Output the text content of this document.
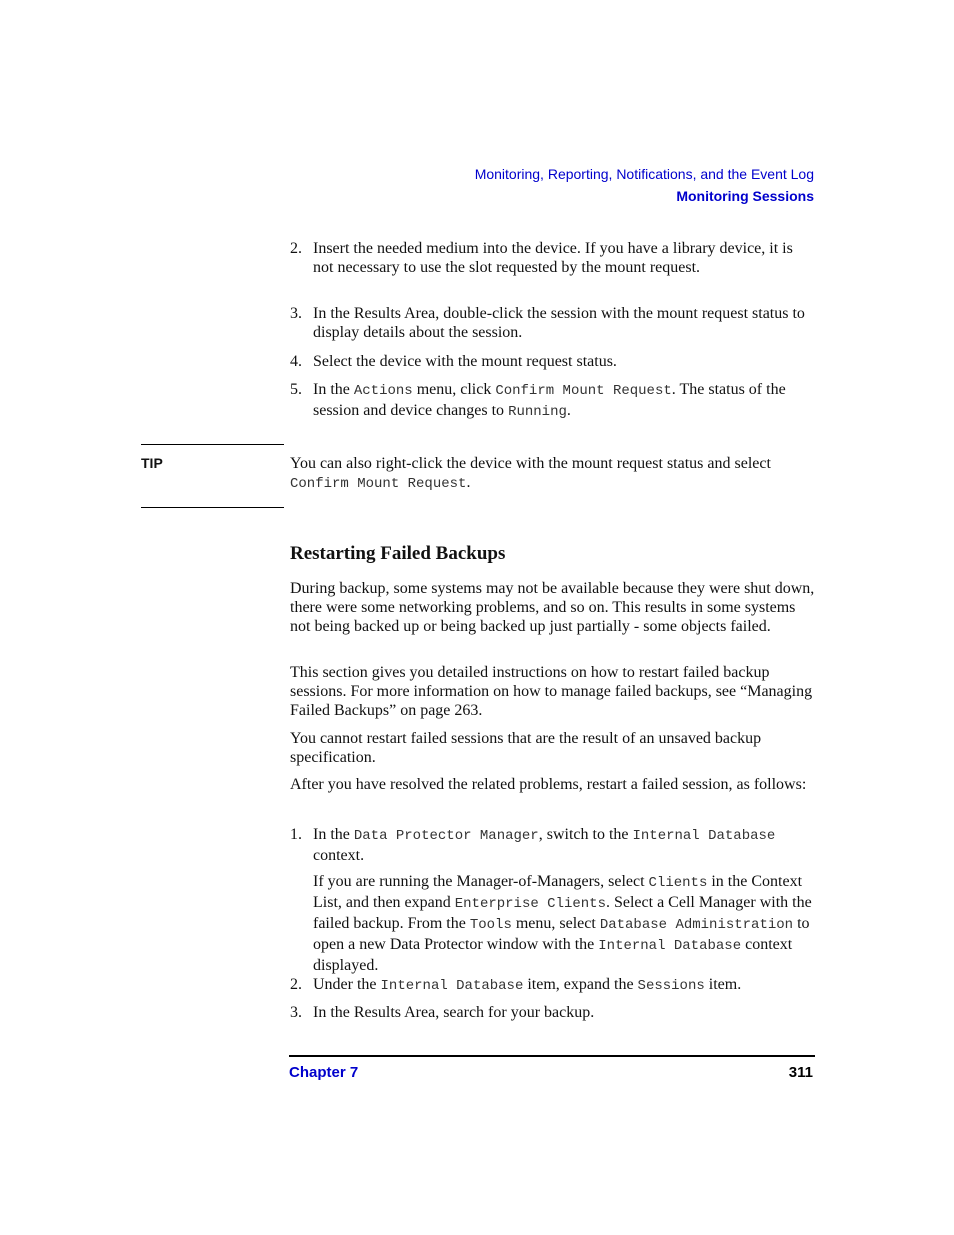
Monitoring, Reporting, Notifications, and the Event Log
Monitoring Sessions
2. Insert the needed medium into the device. If you have a library device, it is not necessary to use the slot requested by the mount request.
3. In the Results Area, double-click the session with the mount request status to display details about the session.
4. Select the device with the mount request status.
5. In the Actions menu, click Confirm Mount Request. The status of the session and device changes to Running.
TIP	You can also right-click the device with the mount request status and select Confirm Mount Request.
Restarting Failed Backups
During backup, some systems may not be available because they were shut down, there were some networking problems, and so on. This results in some systems not being backed up or being backed up just partially - some objects failed.
This section gives you detailed instructions on how to restart failed backup sessions. For more information on how to manage failed backups, see “Managing Failed Backups” on page 263.
You cannot restart failed sessions that are the result of an unsaved backup specification.
After you have resolved the related problems, restart a failed session, as follows:
1. In the Data Protector Manager, switch to the Internal Database context.
If you are running the Manager-of-Managers, select Clients in the Context List, and then expand Enterprise Clients. Select a Cell Manager with the failed backup. From the Tools menu, select Database Administration to open a new Data Protector window with the Internal Database context displayed.
2. Under the Internal Database item, expand the Sessions item.
3. In the Results Area, search for your backup.
Chapter 7	311
